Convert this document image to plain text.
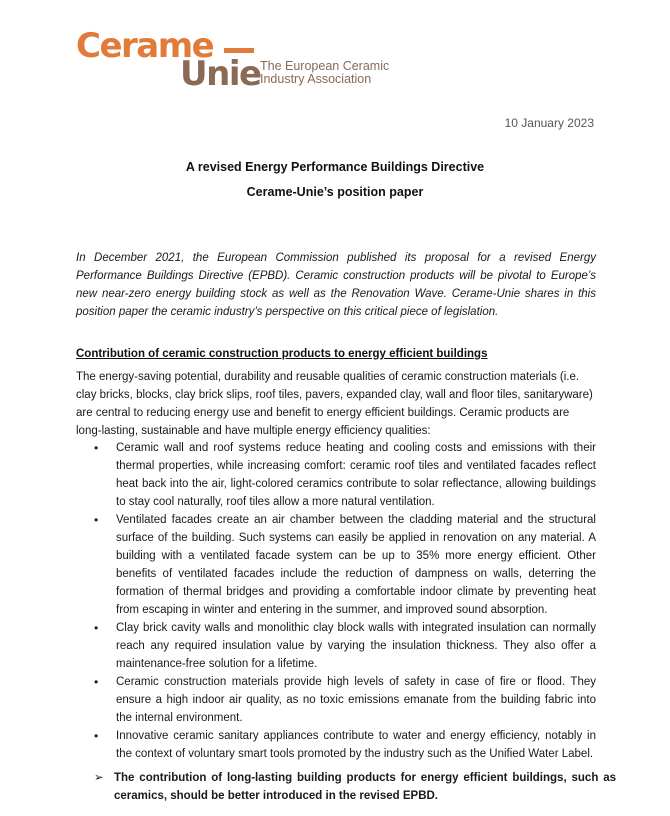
Cerame
Unie The European Ceramic
Industry Association
10 January 2023
A revised Energy Performance Buildings Directive
Cerame-Unie’s position paper

In December 2021, the European Commission published its proposal for a revised Energy Performance Buildings Directive (EPBD). Ceramic construction products will be pivotal to Europe’s new near-zero energy building stock as well as the Renovation Wave. Cerame-Unie shares in this position paper the ceramic industry’s perspective on this critical piece of legislation.

Contribution of ceramic construction products to energy efficient buildings

The energy-saving potential, durability and reusable qualities of ceramic construction materials (i.e. clay bricks, blocks, clay brick slips, roof tiles, pavers, expanded clay, wall and floor tiles, sanitaryware) are central to reducing energy use and benefit to energy efficient buildings. Ceramic products are long-lasting, sustainable and have multiple energy efficiency qualities:

• Ceramic wall and roof systems reduce heating and cooling costs and emissions with their thermal properties, while increasing comfort: ceramic roof tiles and ventilated facades reflect heat back into the air, light-colored ceramics contribute to solar reflectance, allowing buildings to stay cool naturally, roof tiles allow a more natural ventilation.
• Ventilated facades create an air chamber between the cladding material and the structural surface of the building. Such systems can easily be applied in renovation on any material. A building with a ventilated facade system can be up to 35% more energy efficient. Other benefits of ventilated facades include the reduction of dampness on walls, deterring the formation of thermal bridges and providing a comfortable indoor climate by preventing heat from escaping in winter and entering in the summer, and improved sound absorption.
• Clay brick cavity walls and monolithic clay block walls with integrated insulation can normally reach any required insulation value by varying the insulation thickness. They also offer a maintenance-free solution for a lifetime.
• Ceramic construction materials provide high levels of safety in case of fire or flood. They ensure a high indoor air quality, as no toxic emissions emanate from the building fabric into the internal environment.
• Innovative ceramic sanitary appliances contribute to water and energy efficiency, notably in the context of voluntary smart tools promoted by the industry such as the Unified Water Label.

➢ The contribution of long-lasting building products for energy efficient buildings, such as ceramics, should be better introduced in the revised EPBD.
